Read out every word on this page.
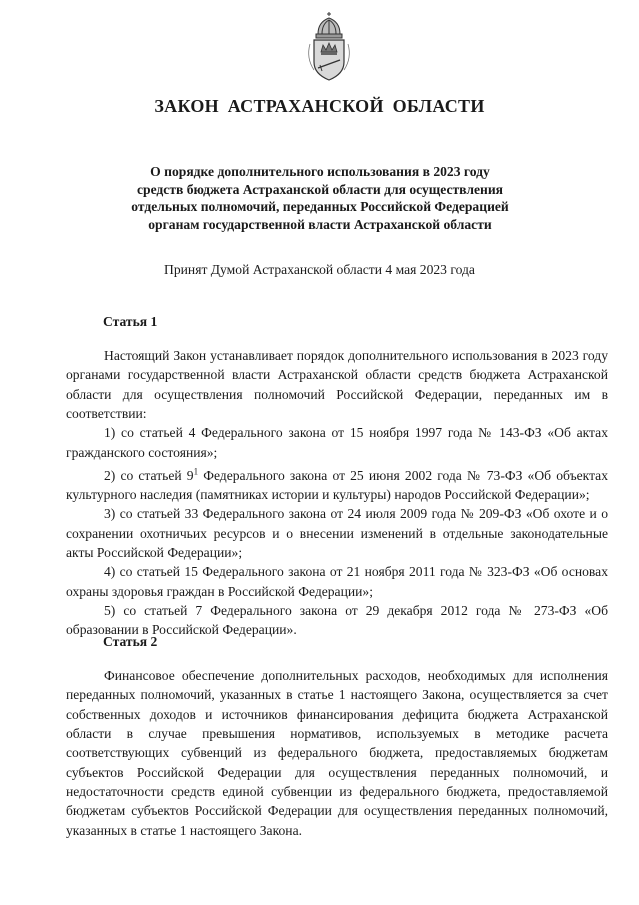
ЗАКОН АСТРАХАНСКОЙ ОБЛАСТИ
О порядке дополнительного использования в 2023 году
средств бюджета Астраханской области для осуществления
отдельных полномочий, переданных Российской Федерацией
органам государственной власти Астраханской области
Принят Думой Астраханской области 4 мая 2023 года
Статья 1

Настоящий Закон устанавливает порядок дополнительного использования в 2023 году органами государственной власти Астраханской области средств бюджета Астраханской области для осуществления полномочий Российской Федерации, переданных им в соответствии:

1) со статьей 4 Федерального закона от 15 ноября 1997 года № 143-ФЗ «Об актах гражданского состояния»;

2) со статьей $9^1$ Федерального закона от 25 июня 2002 года № 73-ФЗ «Об объектах культурного наследия (памятниках истории и культуры) народов Российской Федерации»;

3) со статьей 33 Федерального закона от 24 июля 2009 года № 209-ФЗ «Об охоте и о сохранении охотничьих ресурсов и о внесении изменений в отдельные законодательные акты Российской Федерации»;

4) со статьей 15 Федерального закона от 21 ноября 2011 года № 323-ФЗ «Об основах охраны здоровья граждан в Российской Федерации»;

5) со статьей 7 Федерального закона от 29 декабря 2012 года № 273-ФЗ «Об образовании в Российской Федерации».

Статья 2

Финансовое обеспечение дополнительных расходов, необходимых для исполнения переданных полномочий, указанных в статье 1 настоящего Закона, осуществляется за счет собственных доходов и источников финансирования дефицита бюджета Астраханской области в случае превышения нормативов, используемых в методике расчета соответствующих субвенций из федерального бюджета, предоставляемых бюджетам субъектов Российской Федерации для осуществления переданных полномочий, и недостаточности средств единой субвенции из федерального бюджета, предоставляемой бюджетам субъектов Российской Федерации для осуществления переданных полномочий, указанных в статье 1 настоящего Закона.
